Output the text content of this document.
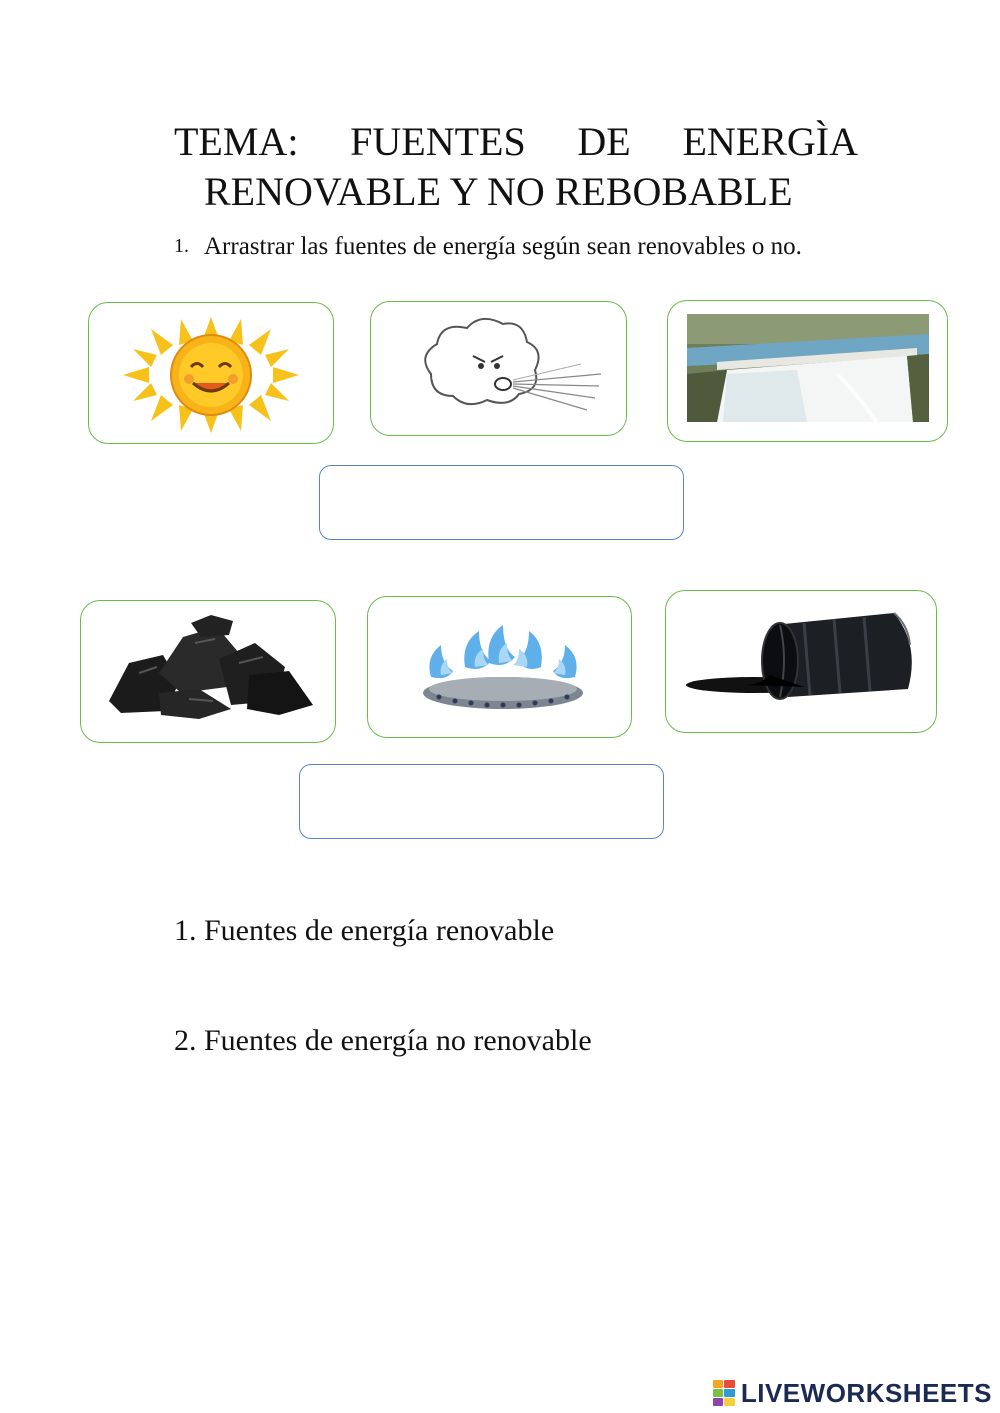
TEMA: FUENTES DE ENERGÌA
RENOVABLE Y NO REBOBABLE
1. Arrastrar las fuentes de energía según sean renovables o no.
1. Fuentes de energía renovable
2. Fuentes de energía no renovable
LIVEWORKSHEETS
